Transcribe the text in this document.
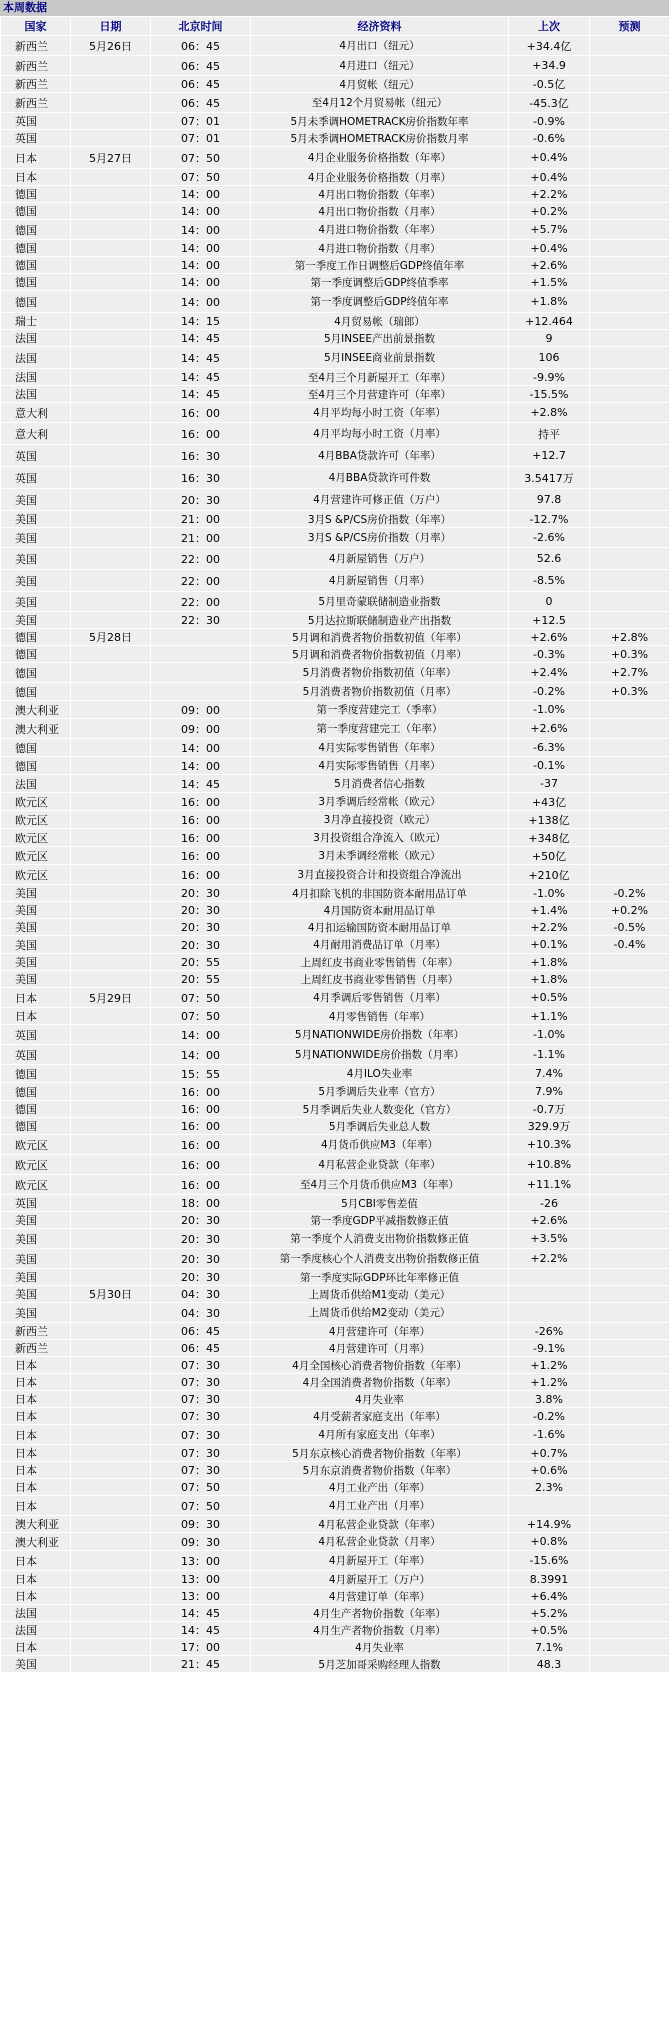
本周数据
国家	日期	北京时间	经济资料	上次	预测
新西兰	5月26日	06：45	4月出口（纽元）	+34.4亿	
新西兰		06：45	4月进口（纽元）	+34.9	
新西兰		06：45	4月贸帐（纽元）	-0.5亿	
新西兰		06：45	至4月12个月贸易帐（纽元）	-45.3亿	
英国		07：01	5月未季调HOMETRACK房价指数年率	-0.9%	
英国		07：01	5月未季调HOMETRACK房价指数月率	-0.6%	
日本	5月27日	07：50	4月企业服务价格指数（年率）	+0.4%	
日本		07：50	4月企业服务价格指数（月率）	+0.4%	
德国		14：00	4月出口物价指数（年率）	+2.2%	
德国		14：00	4月出口物价指数（月率）	+0.2%	
德国		14：00	4月进口物价指数（年率）	+5.7%	
德国		14：00	4月进口物价指数（月率）	+0.4%	
德国		14：00	第一季度工作日调整后GDP终值年率	+2.6%	
德国		14：00	第一季度调整后GDP终值季率	+1.5%	
德国		14：00	第一季度调整后GDP终值年率	+1.8%	
瑞士		14：15	4月贸易帐（瑞郎）	+12.464	
法国		14：45	5月INSEE产出前景指数	9	
法国		14：45	5月INSEE商业前景指数	106	
法国		14：45	至4月三个月新屋开工（年率）	-9.9%	
法国		14：45	至4月三个月营建许可（年率）	-15.5%	
意大利		16：00	4月平均每小时工资（年率）	+2.8%	
意大利		16：00	4月平均每小时工资（月率）	持平	
英国		16：30	4月BBA贷款许可（年率）	+12.7	
英国		16：30	4月BBA贷款许可件数	3.5417万	
美国		20：30	4月营建许可修正值（万户）	97.8	
美国		21：00	3月S &P/CS房价指数（年率）	-12.7%	
美国		21：00	3月S &P/CS房价指数（月率）	-2.6%	
美国		22：00	4月新屋销售（万户）	52.6	
美国		22：00	4月新屋销售（月率）	-8.5%	
美国		22：00	5月里奇蒙联储制造业指数	0	
美国		22：30	5月达拉斯联储制造业产出指数	+12.5	
德国	5月28日		5月调和消费者物价指数初值（年率）	+2.6%	+2.8%
德国			5月调和消费者物价指数初值（月率）	-0.3%	+0.3%
德国			5月消费者物价指数初值（年率）	+2.4%	+2.7%
德国			5月消费者物价指数初值（月率）	-0.2%	+0.3%
澳大利亚		09：00	第一季度营建完工（季率）	-1.0%	
澳大利亚		09：00	第一季度营建完工（年率）	+2.6%	
德国		14：00	4月实际零售销售（年率）	-6.3%	
德国		14：00	4月实际零售销售（月率）	-0.1%	
法国		14：45	5月消费者信心指数	-37	
欧元区		16：00	3月季调后经常帐（欧元）	+43亿	
欧元区		16：00	3月净直接投资（欧元）	+138亿	
欧元区		16：00	3月投资组合净流入（欧元）	+348亿	
欧元区		16：00	3月未季调经常帐（欧元）	+50亿	
欧元区		16：00	3月直接投资合计和投资组合净流出	+210亿	
美国		20：30	4月扣除飞机的非国防资本耐用品订单	-1.0%	-0.2%
美国		20：30	4月国防资本耐用品订单	+1.4%	+0.2%
美国		20：30	4月扣运输国防资本耐用品订单	+2.2%	-0.5%
美国		20：30	4月耐用消费品订单（月率）	+0.1%	-0.4%
美国		20：55	上周红皮书商业零售销售（年率）	+1.8%	
美国		20：55	上周红皮书商业零售销售（月率）	+1.8%	
日本	5月29日	07：50	4月季调后零售销售（月率）	+0.5%	
日本		07：50	4月零售销售（年率）	+1.1%	
英国		14：00	5月NATIONWIDE房价指数（年率）	-1.0%	
英国		14：00	5月NATIONWIDE房价指数（月率）	-1.1%	
德国		15：55	4月ILO失业率	7.4%	
德国		16：00	5月季调后失业率（官方）	7.9%	
德国		16：00	5月季调后失业人数变化（官方）	-0.7万	
德国		16：00	5月季调后失业总人数	329.9万	
欧元区		16：00	4月货币供应M3（年率）	+10.3%	
欧元区		16：00	4月私营企业贷款（年率）	+10.8%	
欧元区		16：00	至4月三个月货币供应M3（年率）	+11.1%	
英国		18：00	5月CBI零售差值	-26	
美国		20：30	第一季度GDP平减指数修正值	+2.6%	
美国		20：30	第一季度个人消费支出物价指数修正值	+3.5%	
美国		20：30	第一季度核心个人消费支出物价指数修正值	+2.2%	
美国		20：30	第一季度实际GDP环比年率修正值		
美国	5月30日	04：30	上周货币供给M1变动（美元）		
美国		04：30	上周货币供给M2变动（美元）		
新西兰		06：45	4月营建许可（年率）	-26%	
新西兰		06：45	4月营建许可（月率）	-9.1%	
日本		07：30	4月全国核心消费者物价指数（年率）	+1.2%	
日本		07：30	4月全国消费者物价指数（年率）	+1.2%	
日本		07：30	4月失业率	3.8%	
日本		07：30	4月受薪者家庭支出（年率）	-0.2%	
日本		07：30	4月所有家庭支出（年率）	-1.6%	
日本		07：30	5月东京核心消费者物价指数（年率）	+0.7%	
日本		07：30	5月东京消费者物价指数（年率）	+0.6%	
日本		07：50	4月工业产出（年率）	2.3%	
日本		07：50	4月工业产出（月率）		
澳大利亚		09：30	4月私营企业贷款（年率）	+14.9%	
澳大利亚		09：30	4月私营企业贷款（月率）	+0.8%	
日本		13：00	4月新屋开工（年率）	-15.6%	
日本		13：00	4月新屋开工（万户）	8.3991	
日本		13：00	4月营建订单（年率）	+6.4%	
法国		14：45	4月生产者物价指数（年率）	+5.2%	
法国		14：45	4月生产者物价指数（月率）	+0.5%	
日本		17：00	4月失业率	7.1%	
美国		21：45	5月芝加哥采购经理人指数	48.3	
